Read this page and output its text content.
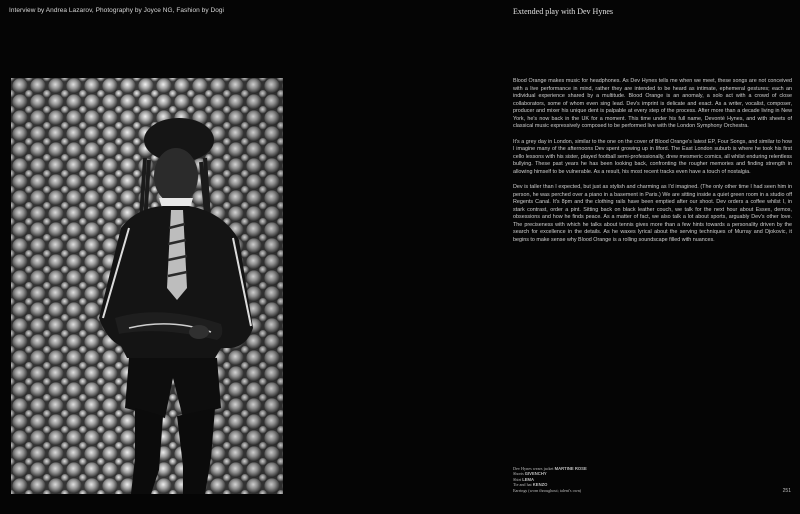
Interview by Andrea Lazarov, Photography by Joyce NG, Fashion by Dogi	Extended play with Dev Hynes

Blood Orange makes music for headphones. As Dev Hynes tells me when we meet, these songs are not conceived with a live performance in mind, rather they are intended to be heard as intimate, ephemeral gestures; each an individual experience shared by a multitude. Blood Orange is an anomaly, a solo act with a crowd of close collaborators, some of whom even sing lead. Dev's imprint is delicate and exact. As a writer, vocalist, composer, producer and mixer his unique dent is palpable at every step of the process. After more than a decade living in New York, he's now back in the UK for a moment. This time under his full name, Devonté Hynes, and with sheets of classical music expressively composed to be performed live with the London Symphony Orchestra.

It's a grey day in London, similar to the one on the cover of Blood Orange's latest EP, Four Songs, and similar to how I imagine many of the afternoons Dev spent growing up in Ilford. The East London suburb is where he took his first cello lessons with his sister, played football semi-professionally, drew mesmeric comics, all whilst enduring relentless bullying. These past years he has been looking back, confronting the rougher memories and finding strength in allowing himself to be vulnerable. As a result, his most recent tracks even have a touch of nostalgia.

Dev is taller than I expected, but just as stylish and charming as I'd imagined. (The only other time I had seen him in person, he was perched over a piano in a basement in Paris.) We are sitting inside a quiet green room in a studio off Regents Canal. It's 8pm and the clothing rails have been emptied after our shoot. Dev orders a coffee whilst I, in stark contrast, order a pint. Sitting back on black leather couch, we talk for the next hour about Essex, demos, obsessions and how he finds peace. As a matter of fact, we also talk a lot about sports, arguably Dev's other love. The preciseness with which he talks about tennis gives more than a few hints towards a personality driven by the search for excellence in the details. As he waxes lyrical about the serving techniques of Murray and Djokovic, it begins to make sense why Blood Orange is a rolling soundscape filled with nuances.

Dev Hynes wears jacket MARTINE ROSE
Shorts GIVENCHY
Shirt LEMA
Tie and hat KENZO
Earrings (worn throughout; talent's own)	251
